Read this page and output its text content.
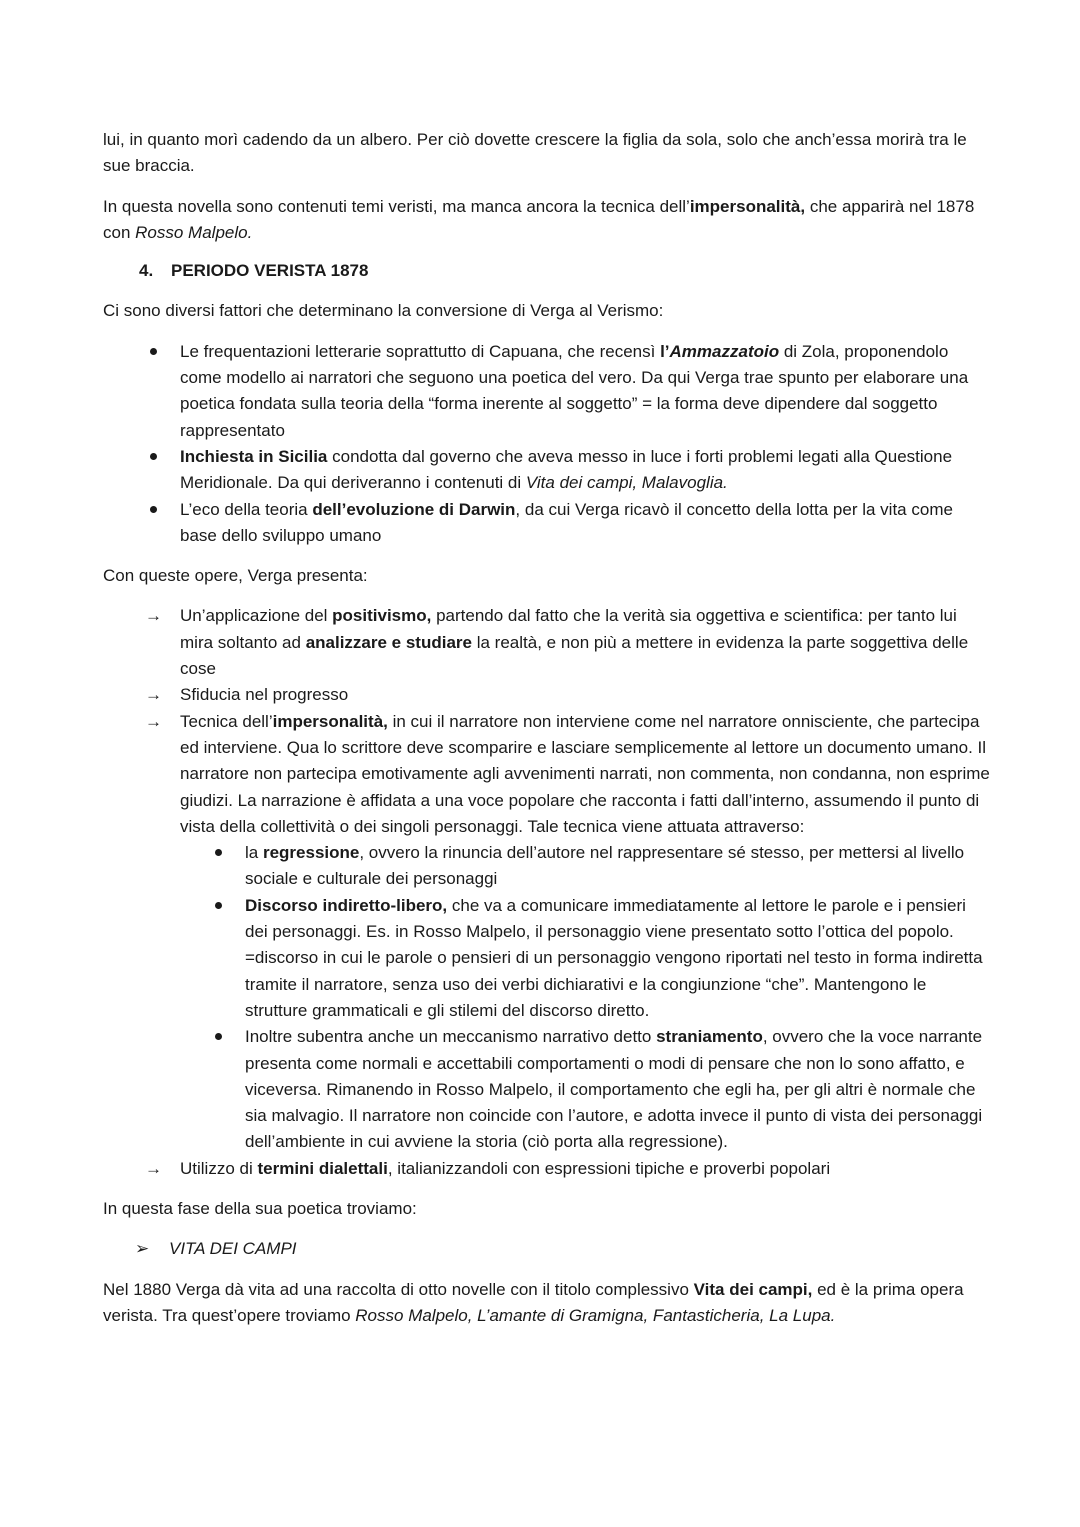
lui, in quanto morì cadendo da un albero. Per ciò dovette crescere la figlia da sola, solo che anch’essa morirà tra le sue braccia.

In questa novella sono contenuti temi veristi, ma manca ancora la tecnica dell’impersonalità, che apparirà nel 1878 con Rosso Malpelo.

4.	PERIODO VERISTA 1878

Ci sono diversi fattori che determinano la conversione di Verga al Verismo:

Le frequentazioni letterarie soprattutto di Capuana, che recensì l’Ammazzatoio di Zola, proponendolo come modello ai narratori che seguono una poetica del vero. Da qui Verga trae spunto per elaborare una poetica fondata sulla teoria della “forma inerente al soggetto” = la forma deve dipendere dal soggetto rappresentato
Inchiesta in Sicilia condotta dal governo che aveva messo in luce i forti problemi legati alla Questione Meridionale. Da qui deriveranno i contenuti di Vita dei campi, Malavoglia.
L’eco della teoria dell’evoluzione di Darwin, da cui Verga ricavò il concetto della lotta per la vita come base dello sviluppo umano

Con queste opere, Verga presenta:

→ Un’applicazione del positivismo, partendo dal fatto che la verità sia oggettiva e scientifica: per tanto lui mira soltanto ad analizzare e studiare la realtà, e non più a mettere in evidenza la parte soggettiva delle cose
→ Sfiducia nel progresso
→ Tecnica dell’impersonalità, in cui il narratore non interviene come nel narratore onnisciente, che partecipa ed interviene. Qua lo scrittore deve scomparire e lasciare semplicemente al lettore un documento umano. Il narratore non partecipa emotivamente agli avvenimenti narrati, non commenta, non condanna, non esprime giudizi. La narrazione è affidata a una voce popolare che racconta i fatti dall’interno, assumendo il punto di vista della collettività o dei singoli personaggi. Tale tecnica viene attuata attraverso:
la regressione, ovvero la rinuncia dell’autore nel rappresentare sé stesso, per mettersi al livello sociale e culturale dei personaggi
Discorso indiretto-libero, che va a comunicare immediatamente al lettore le parole e i pensieri dei personaggi. Es. in Rosso Malpelo, il personaggio viene presentato sotto l’ottica del popolo.
=discorso in cui le parole o pensieri di un personaggio vengono riportati nel testo in forma indiretta tramite il narratore, senza uso dei verbi dichiarativi e la congiunzione “che”. Mantengono le strutture grammaticali e gli stilemi del discorso diretto.
Inoltre subentra anche un meccanismo narrativo detto straniamento, ovvero che la voce narrante presenta come normali e accettabili comportamenti o modi di pensare che non lo sono affatto, e viceversa. Rimanendo in Rosso Malpelo, il comportamento che egli ha, per gli altri è normale che sia malvagio. Il narratore non coincide con l’autore, e adotta invece il punto di vista dei personaggi dell’ambiente in cui avviene la storia (ciò porta alla regressione).
→ Utilizzo di termini dialettali, italianizzandoli con espressioni tipiche e proverbi popolari

In questa fase della sua poetica troviamo:

➢	VITA DEI CAMPI

Nel 1880 Verga dà vita ad una raccolta di otto novelle con il titolo complessivo Vita dei campi, ed è la prima opera verista. Tra quest’opere troviamo Rosso Malpelo, L’amante di Gramigna, Fantasticheria, La Lupa.
